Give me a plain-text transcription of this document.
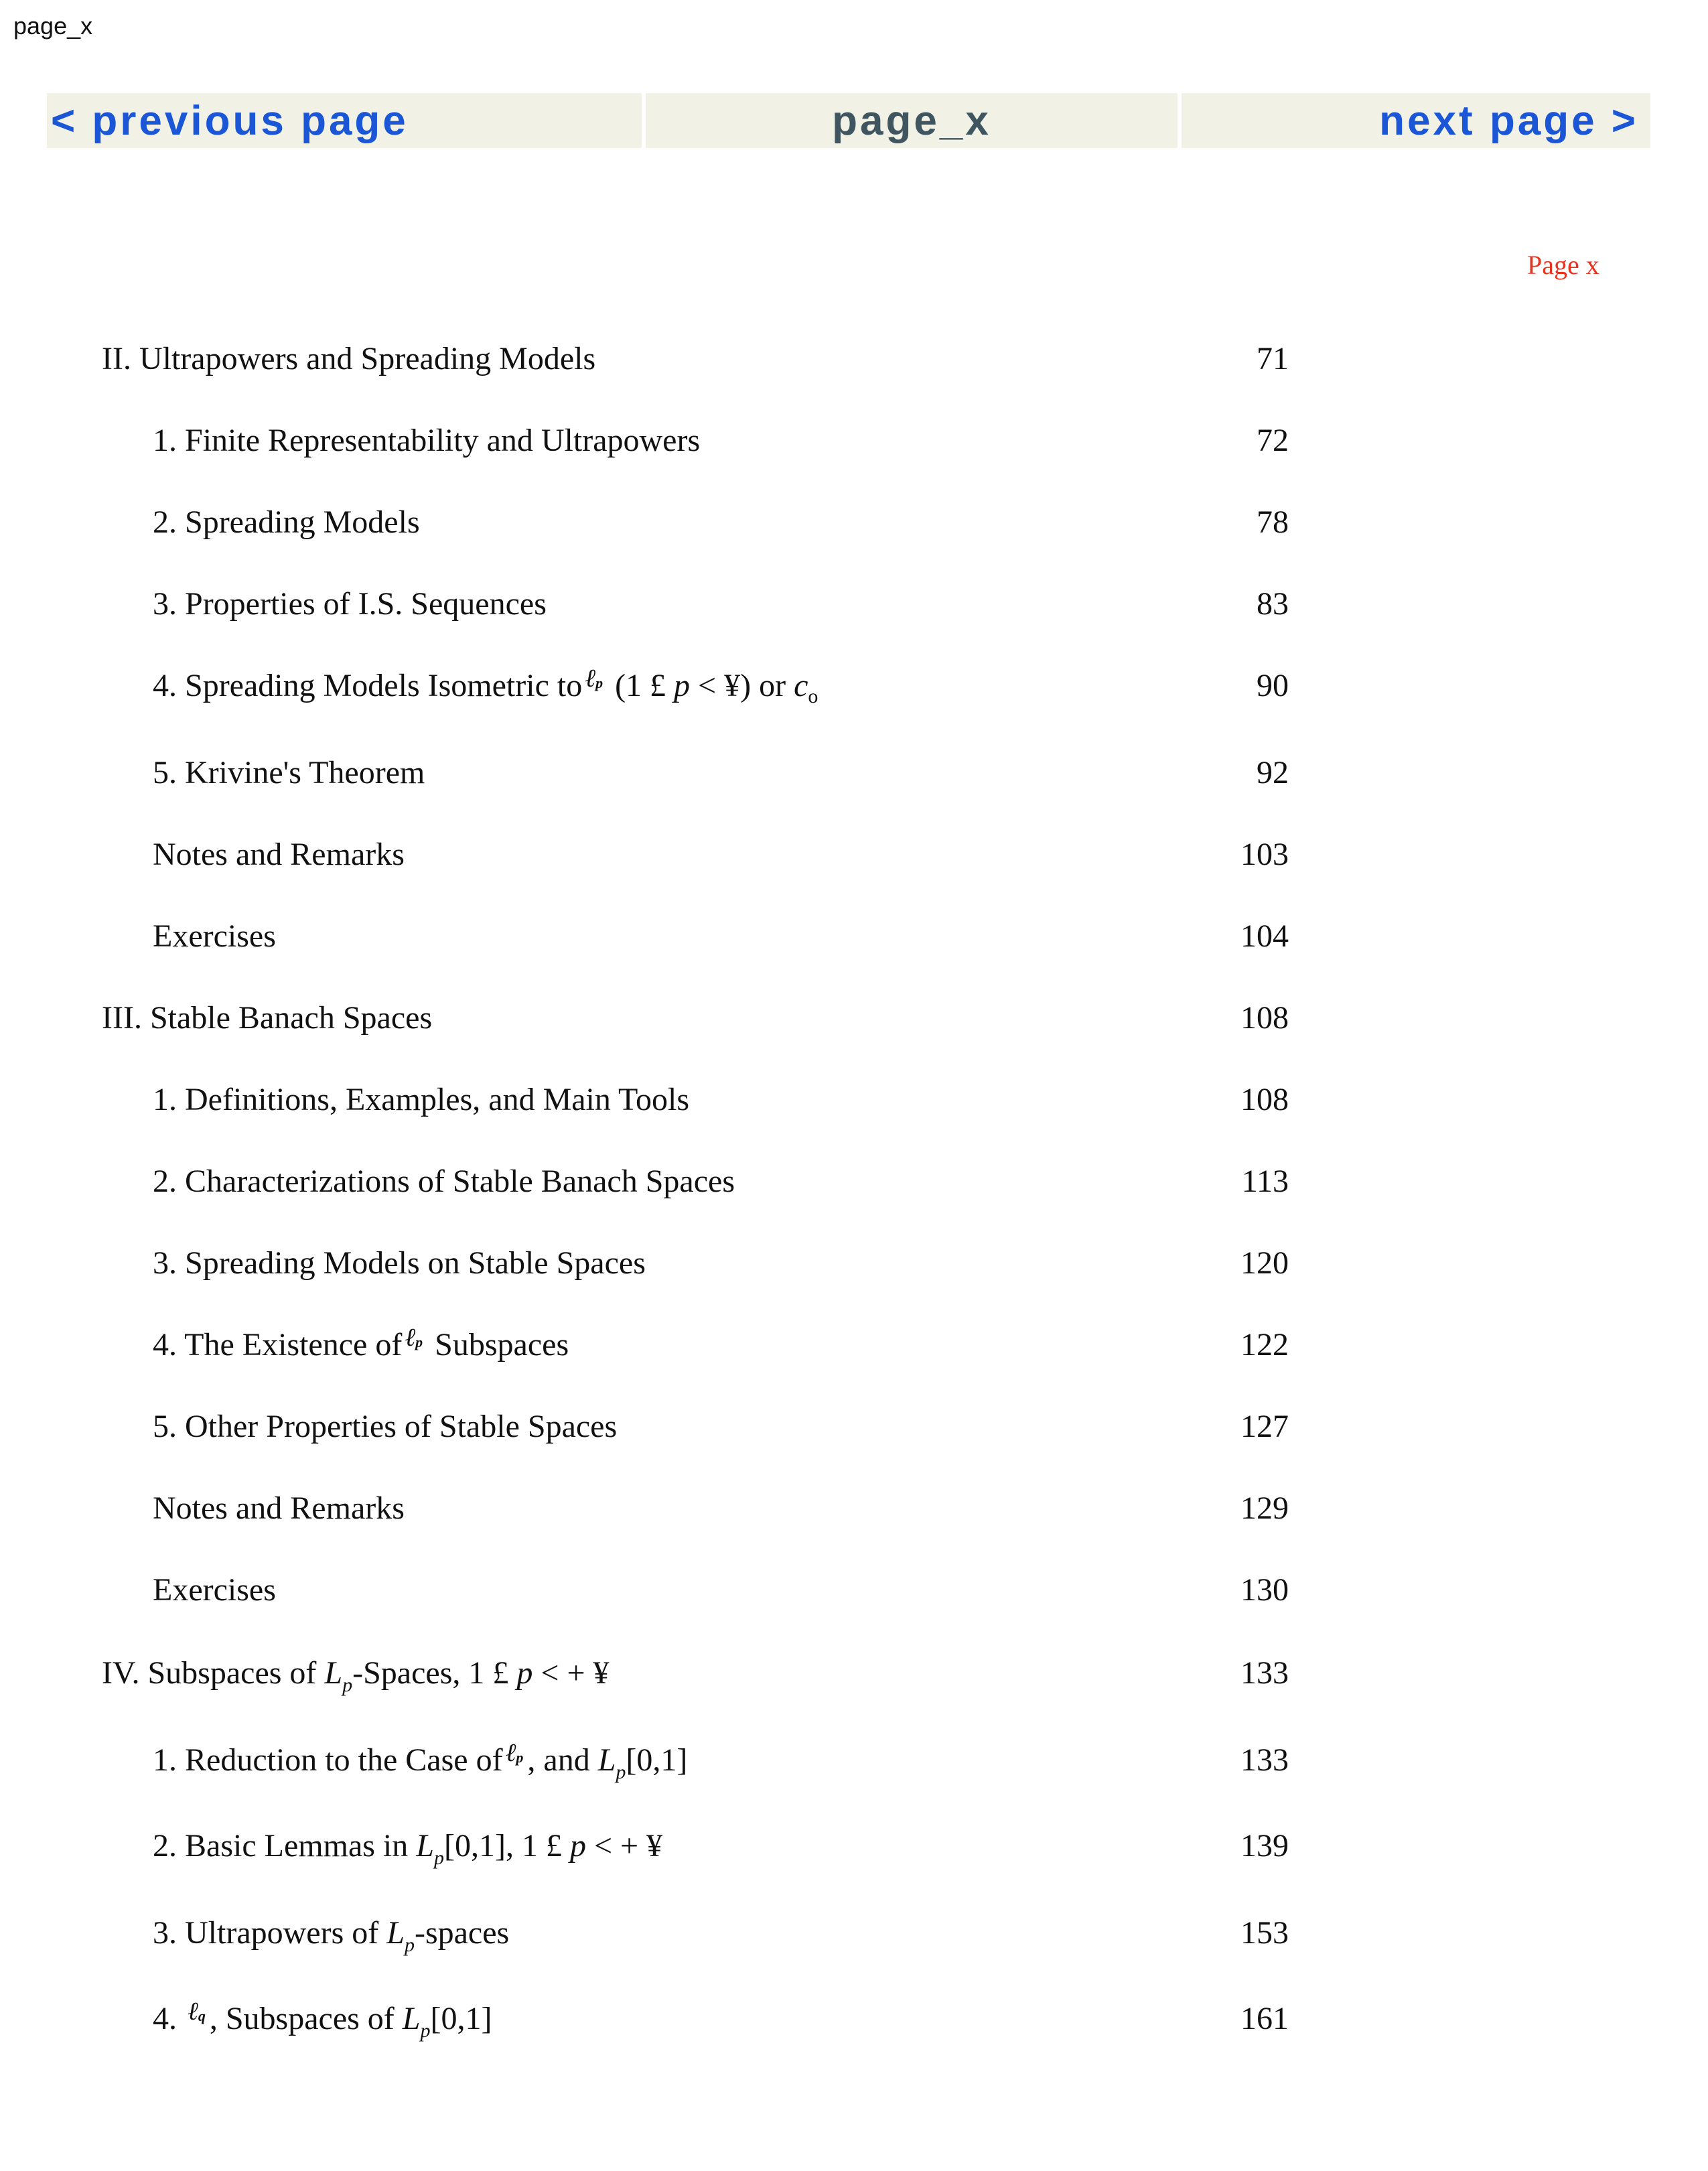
page_x
< previous page	page_x	next page >
Page x
II. Ultrapowers and Spreading Models	71
1. Finite Representability and Ultrapowers	72
2. Spreading Models	78
3. Properties of I.S. Sequences	83
4. Spreading Models Isometric to ℓ$_p$ (1 £ p < ¥) or $c_o$	90
5. Krivine's Theorem	92
Notes and Remarks	103
Exercises	104
III. Stable Banach Spaces	108
1. Definitions, Examples, and Main Tools	108
2. Characterizations of Stable Banach Spaces	113
3. Spreading Models on Stable Spaces	120
4. The Existence of ℓ$_p$ Subspaces	122
5. Other Properties of Stable Spaces	127
Notes and Remarks	129
Exercises	130
IV. Subspaces of $L_p$-Spaces, 1 £ p < + ¥	133
1. Reduction to the Case of ℓ$_p$ , and $L_p[0,1]$	133
2. Basic Lemmas in $L_p[0,1]$, 1 £ p < + ¥	139
3. Ultrapowers of $L_p$-spaces	153
4. ℓ$_q$ , Subspaces of $L_p[0,1]$	161
